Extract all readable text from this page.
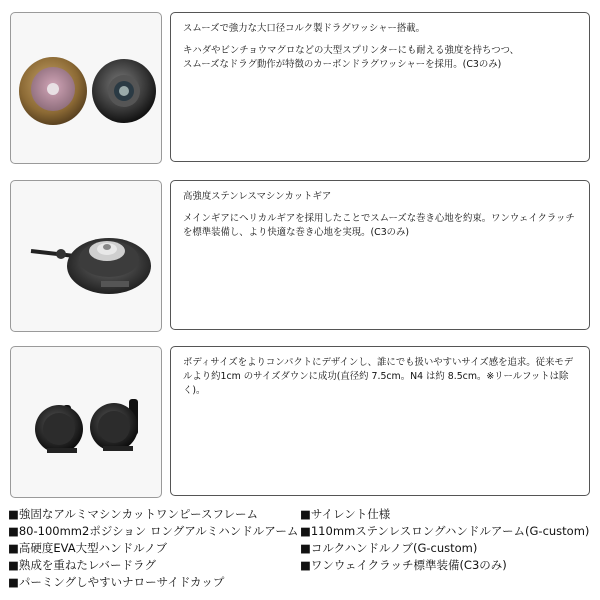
スムーズで強力な大口径コルク製ドラグワッシャー搭載。

キハダやビンチョウマグロなどの大型スプリンターにも耐える強度を持ちつつ、
スムーズなドラグ動作が特徴のカーボンドラグワッシャーを採用。(C3のみ)

高強度ステンレスマシンカットギア

メインギアにヘリカルギアを採用したことでスムーズな巻き心地を約束。ワンウェイクラッチを標準装備し、より快適な巻き心地を実現。(C3のみ)

ボディサイズをよりコンパクトにデザインし、誰にでも扱いやすいサイズ感を追求。従来モデルより約1cm のサイズダウンに成功(直径約 7.5cm。N4 は約 8.5cm。※リールフットは除く)。

■強固なアルミマシンカットワンピースフレーム
■80-100mm2ポジション ロングアルミハンドルアーム
■高硬度EVA大型ハンドルノブ
■熟成を重ねたレバードラグ
■パーミングしやすいナローサイドカップ
■サイレント仕様
■110mmステンレスロングハンドルアーム(G-custom)
■コルクハンドルノブ(G-custom)
■ワンウェイクラッチ標準装備(C3のみ)
